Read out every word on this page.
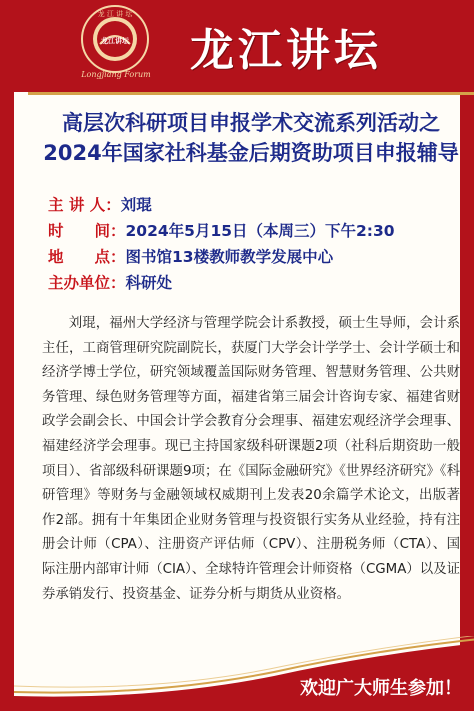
龙 江 讲 坛
龙江讲坛
Longjiang Forum 龙江讲坛
高层次科研项目申报学术交流系列活动之
2024年国家社科基金后期资助项目申报辅导
主 讲 人：刘琨
时　　间：2024年5月15日（本周三）下午2:30
地　　点：图书馆13楼教师教学发展中心
主办单位：科研处
刘琨，福州大学经济与管理学院会计系教授，硕士生导师，会计系主任，工商管理研究院副院长，获厦门大学会计学学士、会计学硕士和经济学博士学位，研究领域覆盖国际财务管理、智慧财务管理、公共财务管理、绿色财务管理等方面，福建省第三届会计咨询专家、福建省财政学会副会长、中国会计学会教育分会理事、福建宏观经济学会理事、福建经济学会理事。现已主持国家级科研课题2项（社科后期资助一般项目）、省部级科研课题9项；在《国际金融研究》《世界经济研究》《科研管理》等财务与金融领域权威期刊上发表20余篇学术论文，出版著作2部。拥有十年集团企业财务管理与投资银行实务从业经验，持有注册会计师（CPA）、注册资产评估师（CPV）、注册税务师（CTA）、国际注册内部审计师（CIA）、全球特许管理会计师资格（CGMA）以及证券承销发行、投资基金、证券分析与期货从业资格。
欢迎广大师生参加！
